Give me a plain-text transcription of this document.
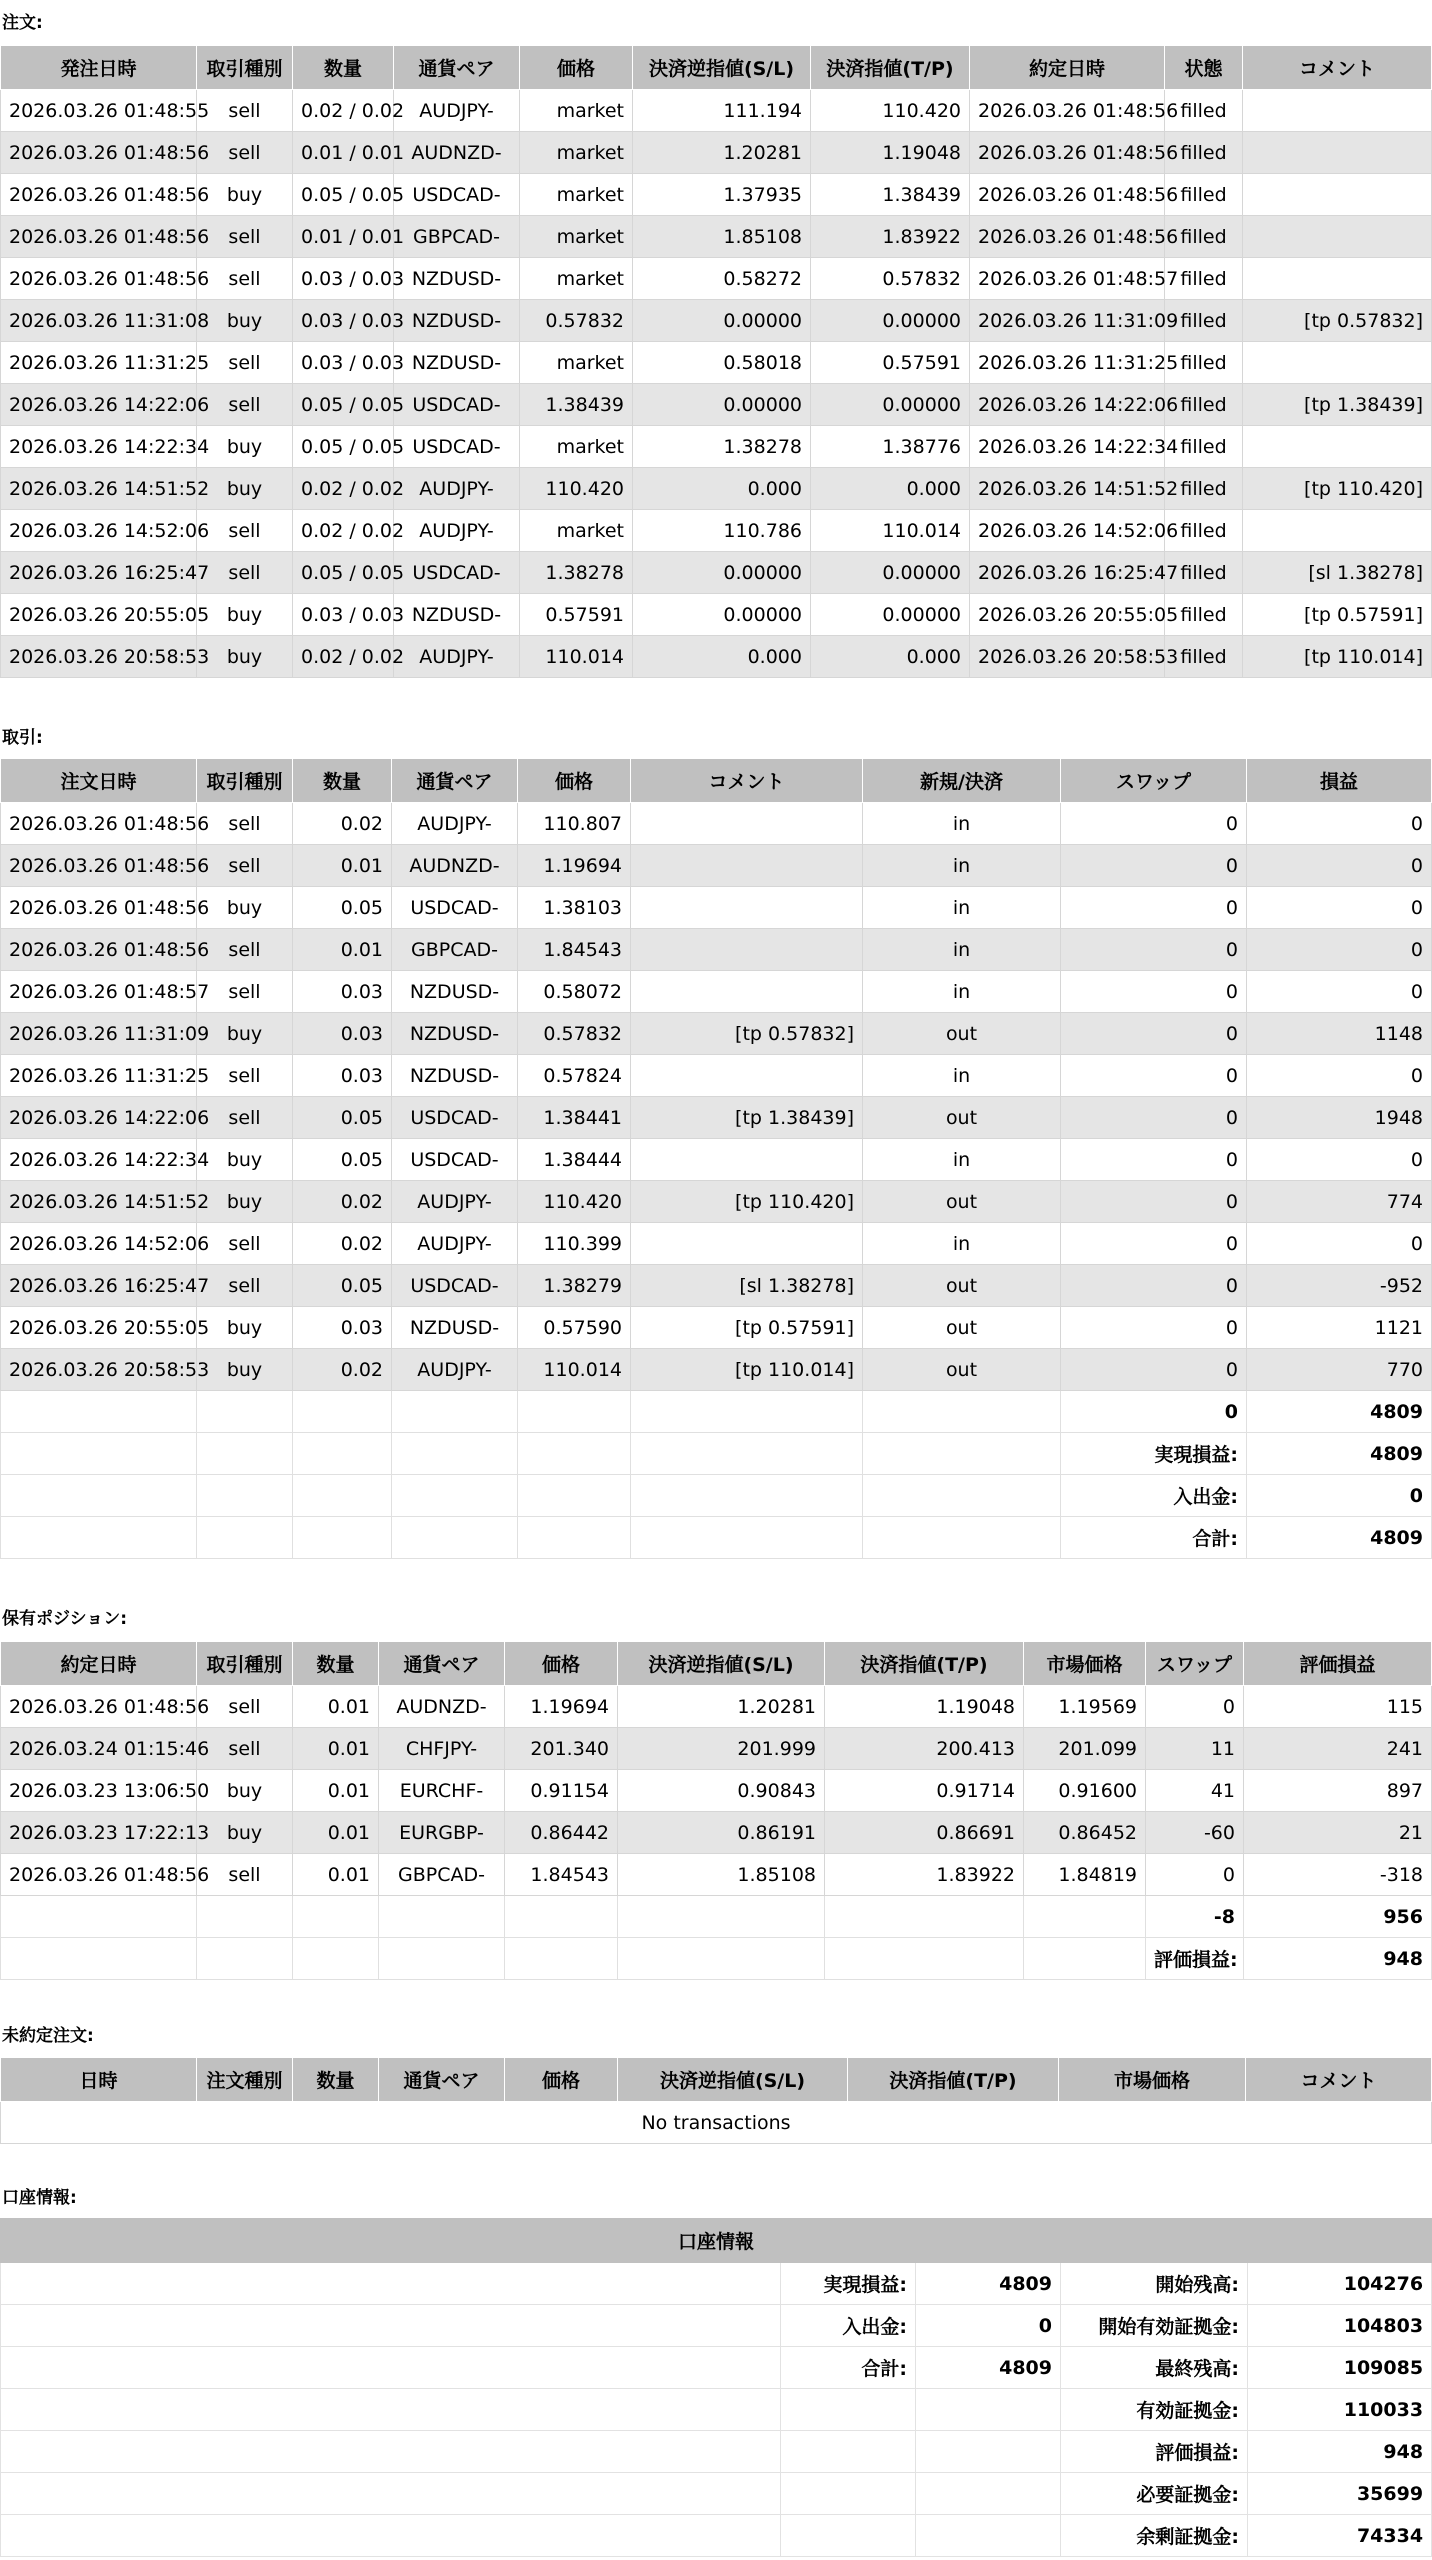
注文:
発注日時	取引種別	数量	通貨ペア	価格	決済逆指値(S/L)	決済指値(T/P)	約定日時	状態	コメント
2026.03.26 01:48:55	sell	0.02 / 0.02	AUDJPY-	market	111.194	110.420	2026.03.26 01:48:56	filled	
2026.03.26 01:48:56	sell	0.01 / 0.01	AUDNZD-	market	1.20281	1.19048	2026.03.26 01:48:56	filled	
2026.03.26 01:48:56	buy	0.05 / 0.05	USDCAD-	market	1.37935	1.38439	2026.03.26 01:48:56	filled	
2026.03.26 01:48:56	sell	0.01 / 0.01	GBPCAD-	market	1.85108	1.83922	2026.03.26 01:48:56	filled	
2026.03.26 01:48:56	sell	0.03 / 0.03	NZDUSD-	market	0.58272	0.57832	2026.03.26 01:48:57	filled	
2026.03.26 11:31:08	buy	0.03 / 0.03	NZDUSD-	0.57832	0.00000	0.00000	2026.03.26 11:31:09	filled	[tp 0.57832]
2026.03.26 11:31:25	sell	0.03 / 0.03	NZDUSD-	market	0.58018	0.57591	2026.03.26 11:31:25	filled	
2026.03.26 14:22:06	sell	0.05 / 0.05	USDCAD-	1.38439	0.00000	0.00000	2026.03.26 14:22:06	filled	[tp 1.38439]
2026.03.26 14:22:34	buy	0.05 / 0.05	USDCAD-	market	1.38278	1.38776	2026.03.26 14:22:34	filled	
2026.03.26 14:51:52	buy	0.02 / 0.02	AUDJPY-	110.420	0.000	0.000	2026.03.26 14:51:52	filled	[tp 110.420]
2026.03.26 14:52:06	sell	0.02 / 0.02	AUDJPY-	market	110.786	110.014	2026.03.26 14:52:06	filled	
2026.03.26 16:25:47	sell	0.05 / 0.05	USDCAD-	1.38278	0.00000	0.00000	2026.03.26 16:25:47	filled	[sl 1.38278]
2026.03.26 20:55:05	buy	0.03 / 0.03	NZDUSD-	0.57591	0.00000	0.00000	2026.03.26 20:55:05	filled	[tp 0.57591]
2026.03.26 20:58:53	buy	0.02 / 0.02	AUDJPY-	110.014	0.000	0.000	2026.03.26 20:58:53	filled	[tp 110.014]
取引:
注文日時	取引種別	数量	通貨ペア	価格	コメント	新規/決済	スワップ	損益
2026.03.26 01:48:56	sell	0.02	AUDJPY-	110.807		in	0	0
2026.03.26 01:48:56	sell	0.01	AUDNZD-	1.19694		in	0	0
2026.03.26 01:48:56	buy	0.05	USDCAD-	1.38103		in	0	0
2026.03.26 01:48:56	sell	0.01	GBPCAD-	1.84543		in	0	0
2026.03.26 01:48:57	sell	0.03	NZDUSD-	0.58072		in	0	0
2026.03.26 11:31:09	buy	0.03	NZDUSD-	0.57832	[tp 0.57832]	out	0	1148
2026.03.26 11:31:25	sell	0.03	NZDUSD-	0.57824		in	0	0
2026.03.26 14:22:06	sell	0.05	USDCAD-	1.38441	[tp 1.38439]	out	0	1948
2026.03.26 14:22:34	buy	0.05	USDCAD-	1.38444		in	0	0
2026.03.26 14:51:52	buy	0.02	AUDJPY-	110.420	[tp 110.420]	out	0	774
2026.03.26 14:52:06	sell	0.02	AUDJPY-	110.399		in	0	0
2026.03.26 16:25:47	sell	0.05	USDCAD-	1.38279	[sl 1.38278]	out	0	-952
2026.03.26 20:55:05	buy	0.03	NZDUSD-	0.57590	[tp 0.57591]	out	0	1121
2026.03.26 20:58:53	buy	0.02	AUDJPY-	110.014	[tp 110.014]	out	0	770
							0	4809
							実現損益:	4809
							入出金:	0
							合計:	4809
保有ポジション:
約定日時	取引種別	数量	通貨ペア	価格	決済逆指値(S/L)	決済指値(T/P)	市場価格	スワップ	評価損益
2026.03.26 01:48:56	sell	0.01	AUDNZD-	1.19694	1.20281	1.19048	1.19569	0	115
2026.03.24 01:15:46	sell	0.01	CHFJPY-	201.340	201.999	200.413	201.099	11	241
2026.03.23 13:06:50	buy	0.01	EURCHF-	0.91154	0.90843	0.91714	0.91600	41	897
2026.03.23 17:22:13	buy	0.01	EURGBP-	0.86442	0.86191	0.86691	0.86452	-60	21
2026.03.26 01:48:56	sell	0.01	GBPCAD-	1.84543	1.85108	1.83922	1.84819	0	-318
								-8	956
								評価損益:	948
未約定注文:
日時	注文種別	数量	通貨ペア	価格	決済逆指値(S/L)	決済指値(T/P)	市場価格	コメント
No transactions
口座情報:
口座情報				
	実現損益:	4809	開始残高:	104276
	入出金:	0	開始有効証拠金:	104803
	合計:	4809	最終残高:	109085
			有効証拠金:	110033
			評価損益:	948
			必要証拠金:	35699
			余剰証拠金:	74334
